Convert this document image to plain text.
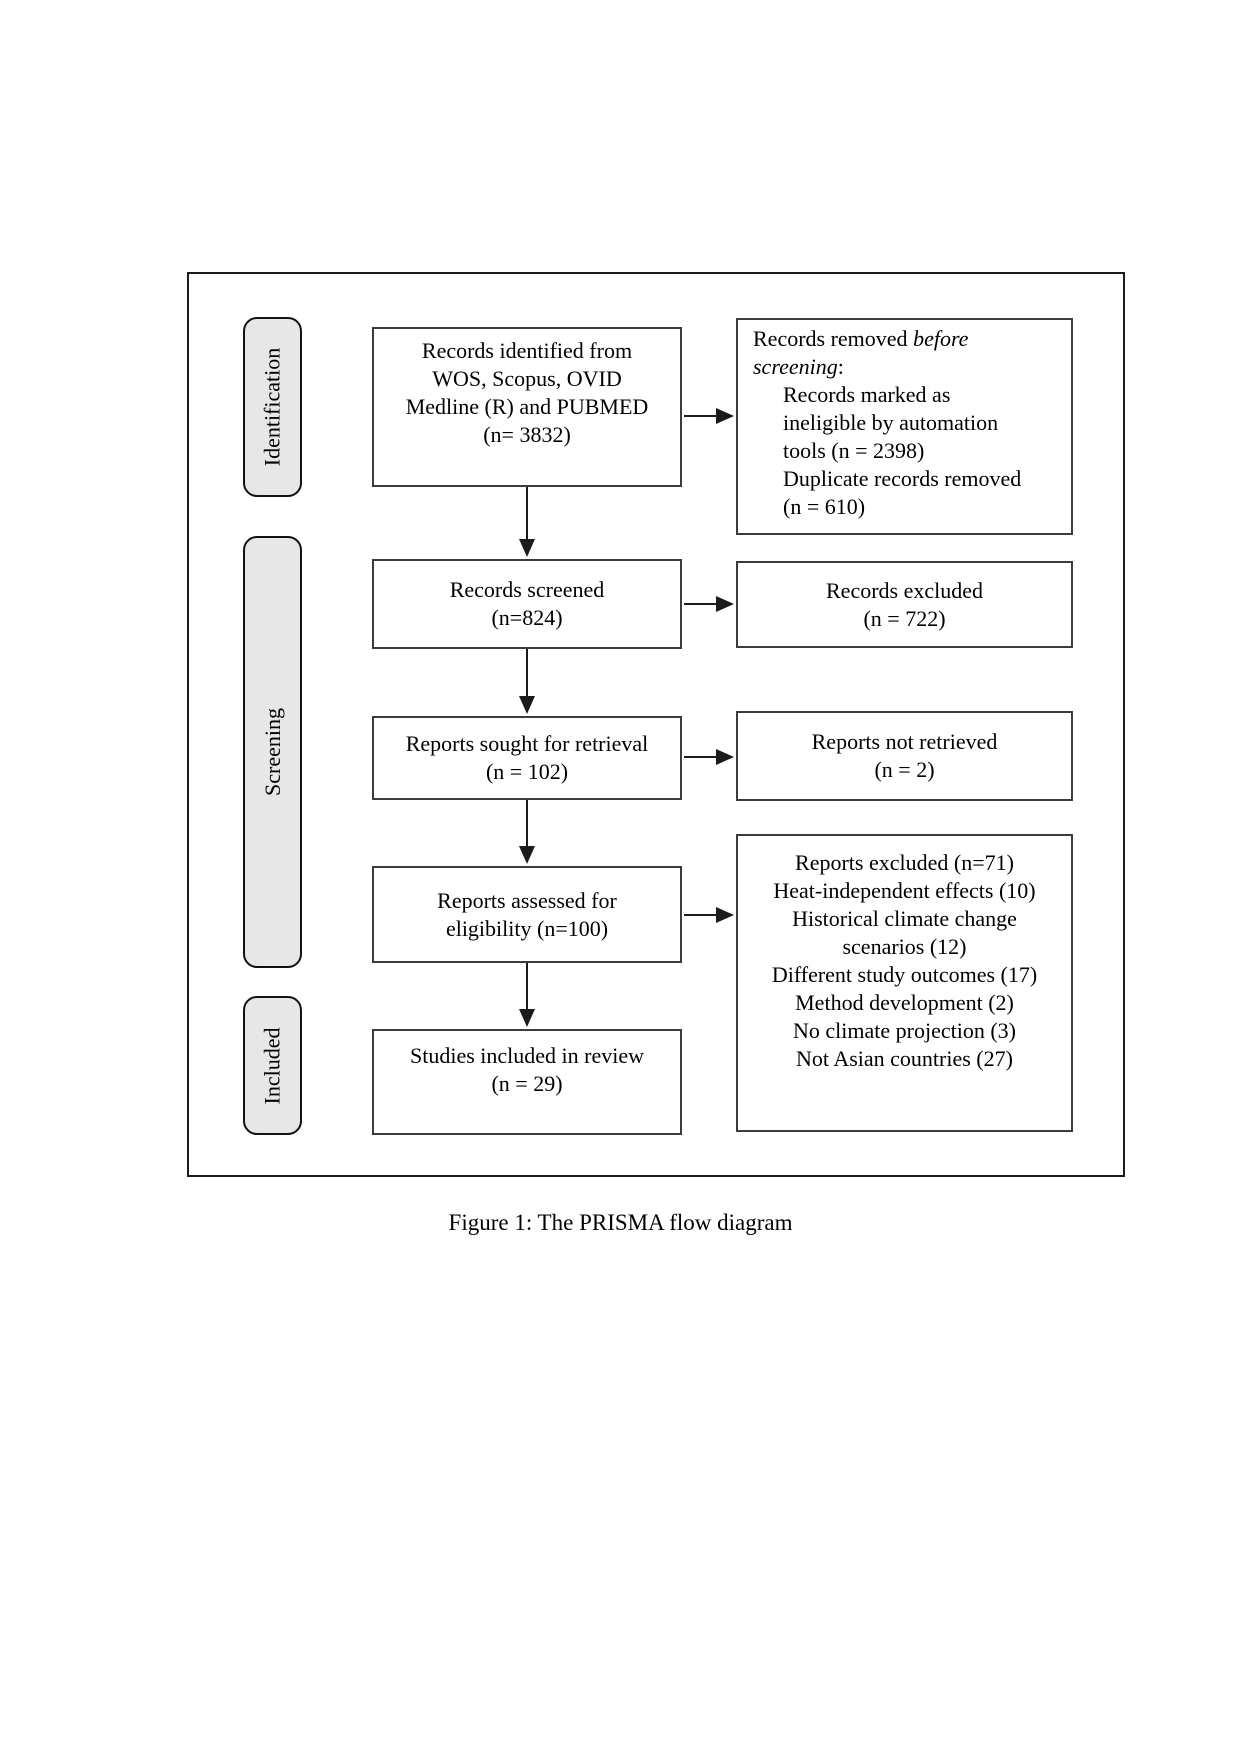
Identification
Screening
Included
Records identified from
WOS, Scopus, OVID
Medline (R) and PUBMED
(n= 3832)
Records screened
(n=824)
Reports sought for retrieval
(n = 102)
Reports assessed for
eligibility (n=100)
Studies included in review
(n = 29)
Records removed before
screening:
Records marked as
ineligible by automation
tools (n = 2398)
Duplicate records removed
(n = 610)
Records excluded
(n = 722)
Reports not retrieved
(n = 2)
Reports excluded (n=71)
Heat-independent effects (10)
Historical climate change
scenarios (12)
Different study outcomes (17)
Method development (2)
No climate projection (3)
Not Asian countries (27)
Figure 1: The PRISMA flow diagram
